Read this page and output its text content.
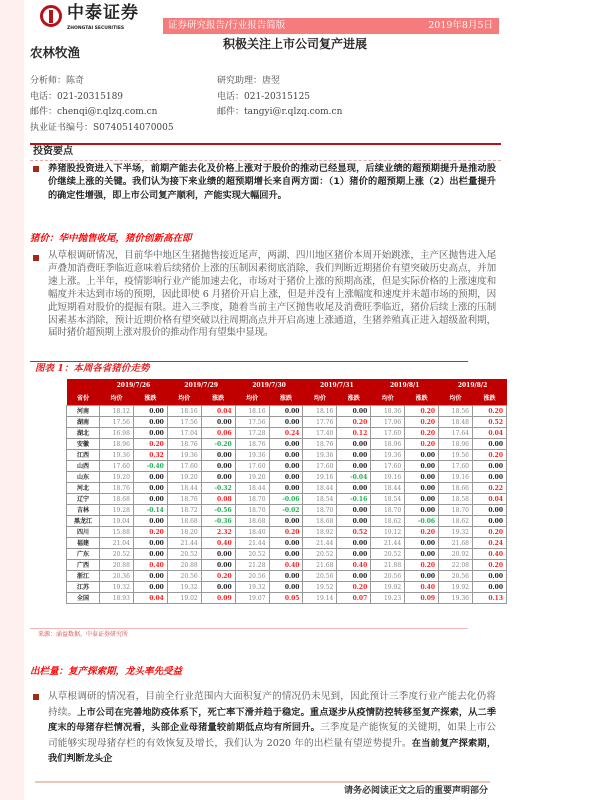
中泰证券
ZHONGTAI SECURITIES	证券研究报告/行业报告简版	2019年8月5日
积极关注上市公司复产进展
农林牧渔
分析师：陈奇
电话：021-20315189
邮件：chenqi@r.qlzq.com.cn
执业证书编号：S0740514070005
研究助理：唐翌
电话：021-20315125
邮件：tangyi@r.qlzq.com.cn
投资要点
养猪股投资进入下半场，前期产能去化及价格上涨对于股价的推动已经显现，后续业绩的超预期提升是推动股价继续上涨的关键。我们认为接下来业绩的超预期增长来自两方面：（1）猪价的超预期上涨（2）出栏量提升的确定性增强，即上市公司复产顺利，产能实现大幅回升。
猪价：华中抛售收尾，猪价创新高在即
从草根调研情况，目前华中地区生猪抛售接近尾声，两湖、四川地区猪价本周开始跳涨，主产区抛售进入尾声叠加消费旺季临近意味着后续猪价上涨的压制因素彻底消除，我们判断近期猪价有望突破历史高点，并加速上涨。上半年，疫情影响行业产能加速去化，市场对于猪价上涨的预期高涨，但是实际价格的上涨速度和幅度并未达到市场的预期，因此即使 6 月猪价开启上涨，但是并没有上涨幅度和速度并未超市场的预期，因此短期看对股价的提振有限。进入三季度，随着当前主产区抛售收尾及消费旺季临近，猪价后续上涨的压制因素基本消除，预计近期价格有望突破以往周期高点并开启高速上涨通道，生猪养殖真正进入超级盈利期，届时猪价超预期上涨对股价的推动作用有望集中显现。
图表 1：本周各省猪价走势
	2019/7/26		2019/7/29		2019/7/30		2019/7/31		2019/8/1		2019/8/2	
省份	均价	涨跌	均价	涨跌	均价	涨跌	均价	涨跌	均价	涨跌	均价	涨跌
河南	18.12	0.00	18.16	0.04	18.16	0.00	18.16	0.00	18.36	0.20	18.56	0.20
湖南	17.56	0.00	17.56	0.00	17.56	0.00	17.76	0.20	17.96	0.20	18.48	0.52
湖北	16.98	0.00	17.04	0.06	17.28	0.24	17.40	0.12	17.60	0.20	17.64	0.04
安徽	18.96	0.20	18.76	-0.20	18.76	0.00	18.76	0.00	18.96	0.20	18.96	0.00
江西	19.36	0.32	19.36	0.00	19.36	0.00	19.36	0.00	19.36	0.00	19.56	0.20
山西	17.60	-0.40	17.60	0.00	17.60	0.00	17.60	0.00	17.60	0.00	17.60	0.00
山东	19.20	0.00	19.20	0.00	19.20	0.00	19.16	-0.04	19.16	0.00	19.16	0.00
河北	18.76	0.00	18.44	-0.32	18.44	0.00	18.44	0.00	18.44	0.00	18.66	0.22
辽宁	18.68	0.00	18.76	0.08	18.70	-0.06	18.54	-0.16	18.54	0.00	18.58	0.04
吉林	19.28	-0.14	18.72	-0.56	18.70	-0.02	18.70	0.00	18.70	0.00	18.70	0.00
黑龙江	19.04	0.00	18.68	-0.36	18.68	0.00	18.68	0.00	18.62	-0.06	18.62	0.00
四川	15.88	0.20	18.20	2.32	18.40	0.20	18.92	0.52	19.12	0.20	19.32	0.20
福建	21.04	0.00	21.44	0.40	21.44	0.00	21.44	0.00	21.44	0.00	21.68	0.24
广东	20.52	0.00	20.52	0.00	20.52	0.00	20.52	0.00	20.52	0.00	20.92	0.40
广西	20.88	0.40	20.88	0.00	21.28	0.40	21.68	0.40	21.88	0.20	22.08	0.20
浙江	20.36	0.00	20.56	0.20	20.56	0.00	20.56	0.00	20.56	0.00	20.56	0.00
江苏	19.32	0.00	19.32	0.00	19.32	0.00	19.52	0.20	19.92	0.40	19.92	0.00
全国	18.93	0.04	19.02	0.09	19.07	0.05	19.14	0.07	19.23	0.09	19.36	0.13
来源：涌益数据，中泰证券研究所
出栏量：复产探索期，龙头率先受益
从草根调研的情况看，目前全行业范围内大面积复产的情况仍未见到，因此预计三季度行业产能去化仍将持续。上市公司在完善地防疫体系下，死亡率下滑并趋于稳定。重点逐步从疫情防控转移至复产探索，从二季度末的母猪存栏情况看，头部企业母猪量较前期低点均有所回升。三季度是产能恢复的关键期，如果上市公司能够实现母猪存栏的有效恢复及增长，我们认为 2020 年的出栏量有望逆势提升。在当前复产探索期，我们判断龙头企
请务必阅读正文之后的重要声明部分
